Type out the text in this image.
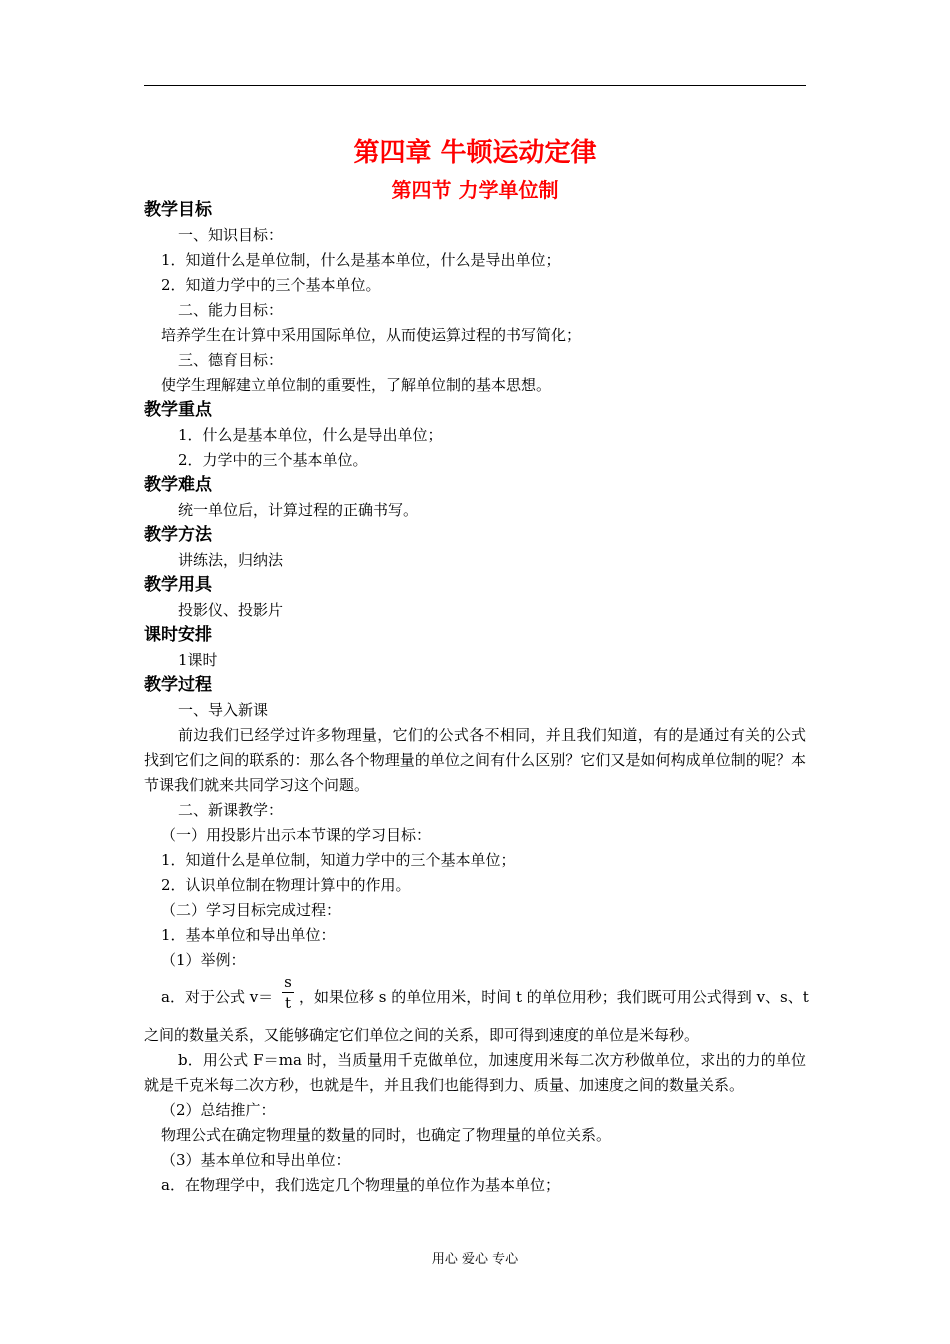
第四章 牛顿运动定律
第四节 力学单位制
教学目标
一、知识目标：
1．知道什么是单位制，什么是基本单位，什么是导出单位；
2．知道力学中的三个基本单位。
二、能力目标：
培养学生在计算中采用国际单位，从而使运算过程的书写简化；
三、德育目标：
使学生理解建立单位制的重要性，了解单位制的基本思想。
教学重点
1．什么是基本单位，什么是导出单位；
2．力学中的三个基本单位。
教学难点
统一单位后，计算过程的正确书写。
教学方法
讲练法，归纳法
教学用具
投影仪、投影片
课时安排
1课时
教学过程
一、导入新课
前边我们已经学过许多物理量，它们的公式各不相同，并且我们知道，有的是通过有关的公式找到它们之间的联系的：那么各个物理量的单位之间有什么区别？它们又是如何构成单位制的呢？本节课我们就来共同学习这个问题。
二、新课教学：
（一）用投影片出示本节课的学习目标：
1．知道什么是单位制，知道力学中的三个基本单位；
2．认识单位制在物理计算中的作用。
（二）学习目标完成过程：
1．基本单位和导出单位：
（1）举例：
a．对于公式 v＝
s
t ，如果位移 s 的单位用米，时间 t 的单位用秒；我们既可用公式得到 v、s、t
之间的数量关系，又能够确定它们单位之间的关系，即可得到速度的单位是米每秒。
b．用公式 F＝ma 时，当质量用千克做单位，加速度用米每二次方秒做单位，求出的力的单位就是千克米每二次方秒，也就是牛，并且我们也能得到力、质量、加速度之间的数量关系。
（2）总结推广：
物理公式在确定物理量的数量的同时，也确定了物理量的单位关系。
（3）基本单位和导出单位：
a．在物理学中，我们选定几个物理量的单位作为基本单位；
用心 爱心 专心
